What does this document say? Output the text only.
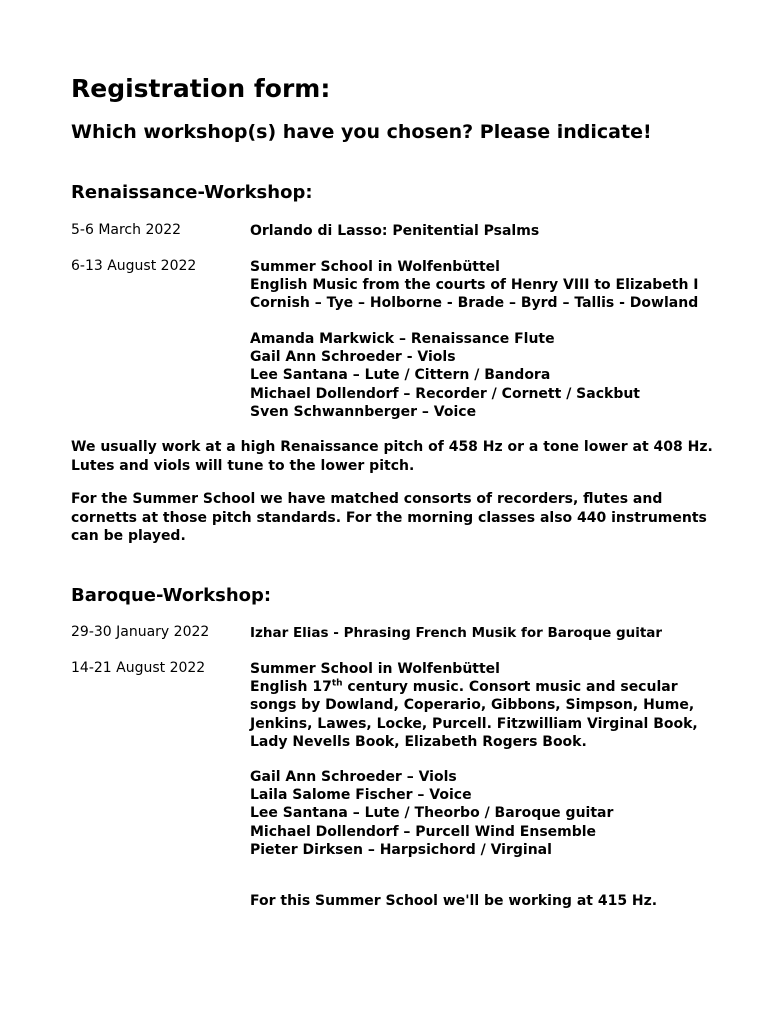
Registration form:
Which workshop(s) have you chosen? Please indicate!
Renaissance-Workshop:
5-6 March 2022	Orlando di Lasso: Penitential Psalms
6-13 August 2022	Summer School in Wolfenbüttel
English Music from the courts of Henry VIII to Elizabeth I
Cornish – Tye – Holborne - Brade – Byrd – Tallis - Dowland
Amanda Markwick – Renaissance Flute
Gail Ann Schroeder - Viols
Lee Santana – Lute / Cittern / Bandora
Michael Dollendorf – Recorder / Cornett / Sackbut
Sven Schwannberger – Voice
We usually work at a high Renaissance pitch of 458 Hz or a tone lower at 408 Hz.
Lutes and viols will tune to the lower pitch.
For the Summer School we have matched consorts of recorders, flutes and
cornetts at those pitch standards. For the morning classes also 440 instruments
can be played.
Baroque-Workshop:
29-30 January 2022	Izhar Elias - Phrasing French Musik for Baroque guitar
14-21 August 2022	Summer School in Wolfenbüttel
English 17th century music. Consort music and secular
songs by Dowland, Coperario, Gibbons, Simpson, Hume,
Jenkins, Lawes, Locke, Purcell. Fitzwilliam Virginal Book,
Lady Nevells Book, Elizabeth Rogers Book.
Gail Ann Schroeder – Viols
Laila Salome Fischer – Voice
Lee Santana – Lute / Theorbo / Baroque guitar
Michael Dollendorf – Purcell Wind Ensemble
Pieter Dirksen – Harpsichord / Virginal
For this Summer School we'll be working at 415 Hz.
